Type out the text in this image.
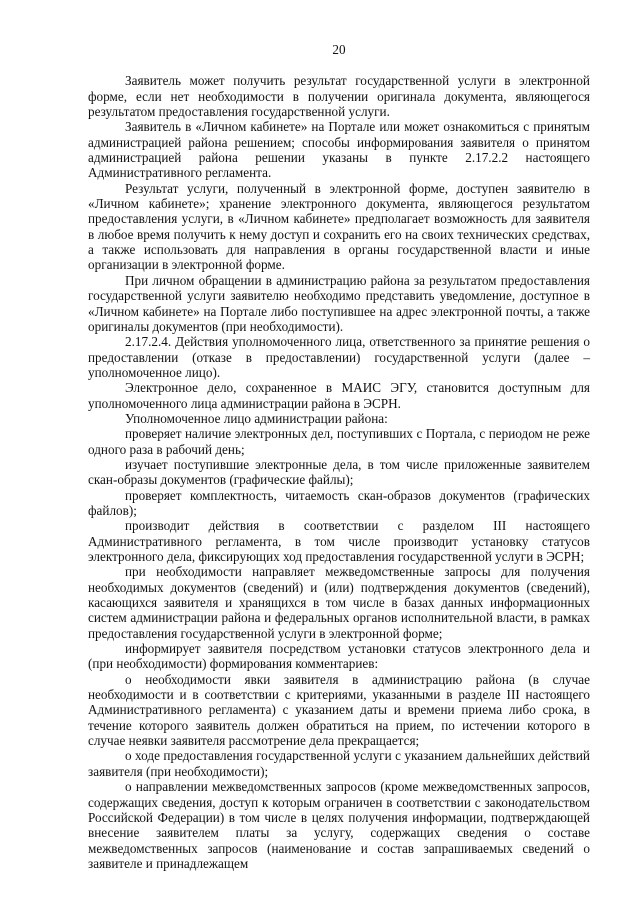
20

Заявитель может получить результат государственной услуги в электронной форме, если нет необходимости в получении оригинала документа, являющегося результатом предоставления государственной услуги.

Заявитель в «Личном кабинете» на Портале или может ознакомиться с принятым администрацией района решением; способы информирования заявителя о принятом администрацией района решении указаны в пункте 2.17.2.2 настоящего Административного регламента.

Результат услуги, полученный в электронной форме, доступен заявителю в «Личном кабинете»; хранение электронного документа, являющегося результатом предоставления услуги, в «Личном кабинете» предполагает возможность для заявителя в любое время получить к нему доступ и сохранить его на своих технических средствах, а также использовать для направления в органы государственной власти и иные организации в электронной форме.

При личном обращении в администрацию района за результатом предоставления государственной услуги заявителю необходимо представить уведомление, доступное в «Личном кабинете» на Портале либо поступившее на адрес электронной почты, а также оригиналы документов (при необходимости).

2.17.2.4. Действия уполномоченного лица, ответственного за принятие решения о предоставлении (отказе в предоставлении) государственной услуги (далее – уполномоченное лицо).

Электронное дело, сохраненное в МАИС ЭГУ, становится доступным для уполномоченного лица администрации района в ЭСРН.

Уполномоченное лицо администрации района:

проверяет наличие электронных дел, поступивших с Портала, с периодом не реже одного раза в рабочий день;

изучает поступившие электронные дела, в том числе приложенные заявителем скан-образы документов (графические файлы);

проверяет комплектность, читаемость скан-образов документов (графических файлов);

производит действия в соответствии с разделом III настоящего Административного регламента, в том числе производит установку статусов электронного дела, фиксирующих ход предоставления государственной услуги в ЭСРН;

при необходимости направляет межведомственные запросы для получения необходимых документов (сведений) и (или) подтверждения документов (сведений), касающихся заявителя и хранящихся в том числе в базах данных информационных систем администрации района и федеральных органов исполнительной власти, в рамках предоставления государственной услуги в электронной форме;

информирует заявителя посредством установки статусов электронного дела и (при необходимости) формирования комментариев:

о необходимости явки заявителя в администрацию района (в случае необходимости и в соответствии с критериями, указанными в разделе III настоящего Административного регламента) с указанием даты и времени приема либо срока, в течение которого заявитель должен обратиться на прием, по истечении которого в случае неявки заявителя рассмотрение дела прекращается;

о ходе предоставления государственной услуги с указанием дальнейших действий заявителя (при необходимости);

о направлении межведомственных запросов (кроме межведомственных запросов, содержащих сведения, доступ к которым ограничен в соответствии с законодательством Российской Федерации) в том числе в целях получения информации, подтверждающей внесение заявителем платы за услугу, содержащих сведения о составе межведомственных запросов (наименование и состав запрашиваемых сведений о заявителе и принадлежащем
